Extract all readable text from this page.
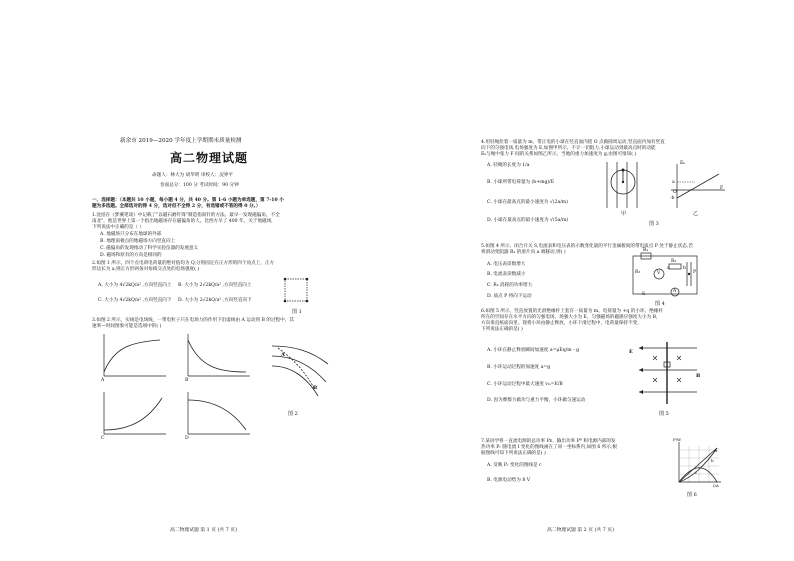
新余市 2019—2020 学年度上学期期末质量检测
高二物理试题
命题人：林大为 胡华明 审校人：況界平
卷面总分：100 分 考试时间：90 分钟
一、选择题：（本题共 10 小题，每小题 4 分，共 40 分。第 1-6 小题为单选题，第 7-10 小
题为多选题。全部选对的得 4 分，选对但不全得 2 分，有选错或不答的得 0 分。）
1.沈括在《梦溪笔谈》中记载了"以磁石磨针锋"制造指南针的方法。最早一发现磁偏角，不全
南北"，他是世界上第一个指出地磁场存在磁偏角的人。比西方早了 400 年。关于地磁场，
下列说法中正确的是（ ）
A. 地磁场只分布在地球的外部
B. 地理南极点的地磁场方向竖直向上
C. 磁偏角的发现推动了科学实验仪器的发展意义
D. 磁场和原有的方向是相同的
2.如图 1 所示，四个点电荷电荷量的绝对值均为 Q,分别固定在正方形的四个顶点上，正方
形边长为 a,则正方形两条对角线交点处的电场强度( )
A. 大小为 4√2kQ/a² ,方向竖直向上 B. 大小为 2√2kQ/a² ,方向竖直向上
C. 大小为 4√2kQ/a² ,方向竖直向下 D. 大小为 2√2kQ/a² ,方向竖直向下
图 1
3.如图 2 所示，实线是电场线，一带电粒子只在电场力的作用下沿虚线由 A 运动到 B 的过程中，其
速率—时间图象可能是选项中的( )
A	B
C	D
A
B
图 2
高二物理试题 第 1 页 (共 7 页)
4.用轻绳拴着一质量为 m、带正电的小球在竖直面内绕 O 点做圆周运动,竖直面内加有竖直
向下的匀强电场,电场强度为 E,如图甲所示，不计一切阻力,小球运动到最高点时的动能
Eₖ与绳中张力 F 间的关系如图乙所示，当地的重力加速度为 g,由图可推知( )
A. 轻绳的长度为 1/a
B. 小球所带电荷量为 (b+mg)/E
C. 小球在最高点的最小速度为 √(2a/m)
D. 小球在最高点的最小速度为 √(5a/m)
甲
Eₖ
F
a
-b
O
乙
图 3
5.如图 4 所示，闭合开关 S,电流表和电压表的示数变化量的平行金属板间的带电质点 P 处于静止状态,若
将滑动变阻器 R₂ 的滑片向 a 端移动,则( )
A. 电压表读数增大
B. 电流表读数减小
C. R₃ 消耗的功率增大
D. 质点 P 将向下运动
R₁
R₂
R₃	V
A
P
a	b
S
图 4
6.如图 5 所示，竖直放置的光滑绝缘杆上套有一质量为 m、电荷量为 +q 的小环，绝缘杆
所在的空间存在水平方向的匀强电场，场强大小为 E，匀强磁场的磁感应强度大小为 B，
方向垂直纸面向里。现将小环由静止释放，小环下滑过程中，电荷量保持不变，
下列说法正确的是( )
A. 小环在静止释放瞬间加速度 a=μEq/m - g
B. 小环运动过程的加速度 a=g
C. 小环运动过程中最大速度 vₘ=E/B
D. 因为摩擦力做功与重力平衡，小环做匀速运动
E
B
图 5
7.某同学将一直流电源的总功率 Pᴇ、输出功率 Pᴿ 和电源内部的发
热功率 Pᵣ 随电流 I 变化的图线画在了同一坐标系内,如图 6 所示,根
据图线可知下列说法正确的是( )
A. 反映 Pᵣ 变化的图线是 c
B. 电源电动势为 8 V
P/W
I/A
a
b
c
图 6
高二物理试题 第 2 页 (共 7 页)
